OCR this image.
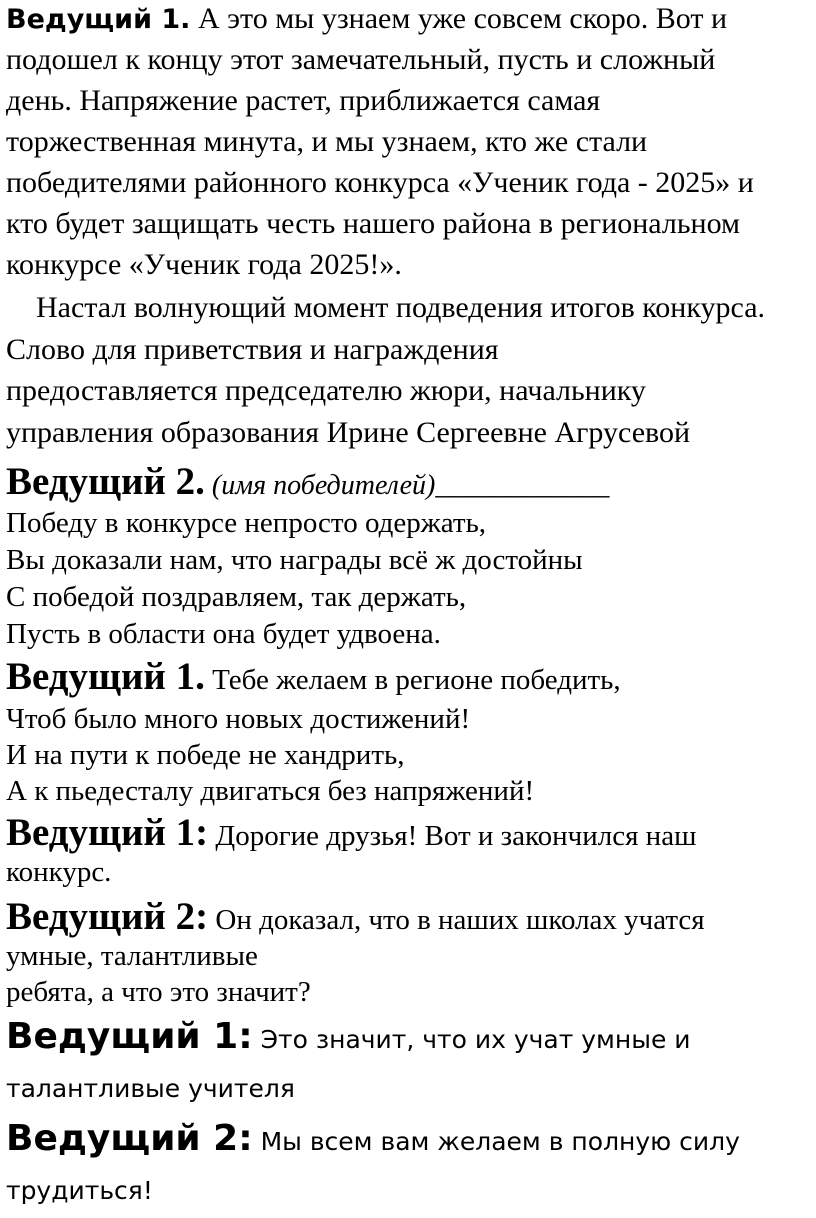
Ведущий 1. А это мы узнаем уже совсем скоро. Вот и
подошел к концу этот замечательный, пусть и сложный
день. Напряжение растет, приближается самая
торжественная минута, и мы узнаем, кто же стали
победителями районного конкурса «Ученик года - 2025» и
кто будет защищать честь нашего района в региональном
конкурсе «Ученик года 2025!».
Настал волнующий момент подведения итогов конкурса.
Слово для приветствия и награждения
предоставляется председателю жюри, начальнику
управления образования Ирине Сергеевне Агрусевой
Ведущий 2. (имя победителей)____________
Победу в конкурсе непросто одержать,
Вы доказали нам, что награды всё ж достойны
С победой поздравляем, так держать,
Пусть в области она будет удвоена.
Ведущий 1. Тебе желаем в регионе победить,
Чтоб было много новых достижений!
И на пути к победе не хандрить,
А к пьедесталу двигаться без напряжений!
Ведущий 1: Дорогие друзья! Вот и закончился наш
конкурс.
Ведущий 2: Он доказал, что в наших школах учатся
умные, талантливые
ребята, а что это значит?
Ведущий 1: Это значит, что их учат умные и
талантливые учителя
Ведущий 2: Мы всем вам желаем в полную силу
трудиться!
